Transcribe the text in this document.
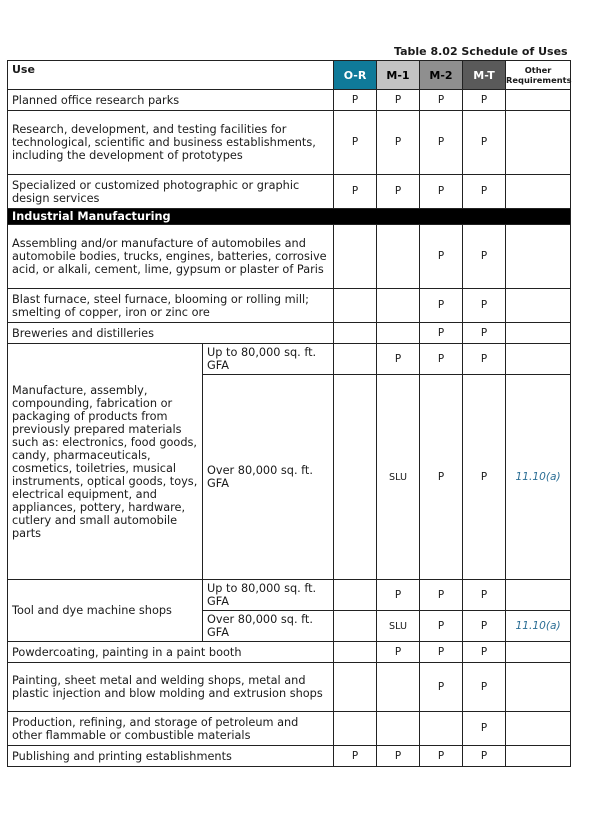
Table 8.02 Schedule of Uses						
Use		O-R	M-1	M-2	M-T	Other Requirements
Planned office research parks		P	P	P	P	
Research, development, and testing facilities for technological, scientific and business establishments, including the development of prototypes		P	P	P	P	
Specialized or customized photographic or graphic design services		P	P	P	P	
Industrial Manufacturing						
Assembling and/or manufacture of automobiles and automobile bodies, trucks, engines, batteries, corrosive acid, or alkali, cement, lime, gypsum or plaster of Paris				P	P	
Blast furnace, steel furnace, blooming or rolling mill; smelting of copper, iron or zinc ore				P	P	
Breweries and distilleries				P	P	
Manufacture, assembly, compounding, fabrication or packaging of products from previously prepared materials such as: electronics, food goods, candy, pharmaceuticals, cosmetics, toiletries, musical instruments, optical goods, toys, electrical equipment, and appliances, pottery, hardware, cutlery and small automobile parts	Up to 80,000 sq. ft. GFA		P	P	P	
	Over 80,000 sq. ft. GFA		SLU	P	P	11.10(a)
Tool and dye machine shops	Up to 80,000 sq. ft. GFA		P	P	P	
	Over 80,000 sq. ft. GFA		SLU	P	P	11.10(a)
Powdercoating, painting in a paint booth			P	P	P	
Painting, sheet metal and welding shops, metal and plastic injection and blow molding and extrusion shops				P	P	
Production, refining, and storage of petroleum and other flammable or combustible materials					P	
Publishing and printing establishments		P	P	P	P	
